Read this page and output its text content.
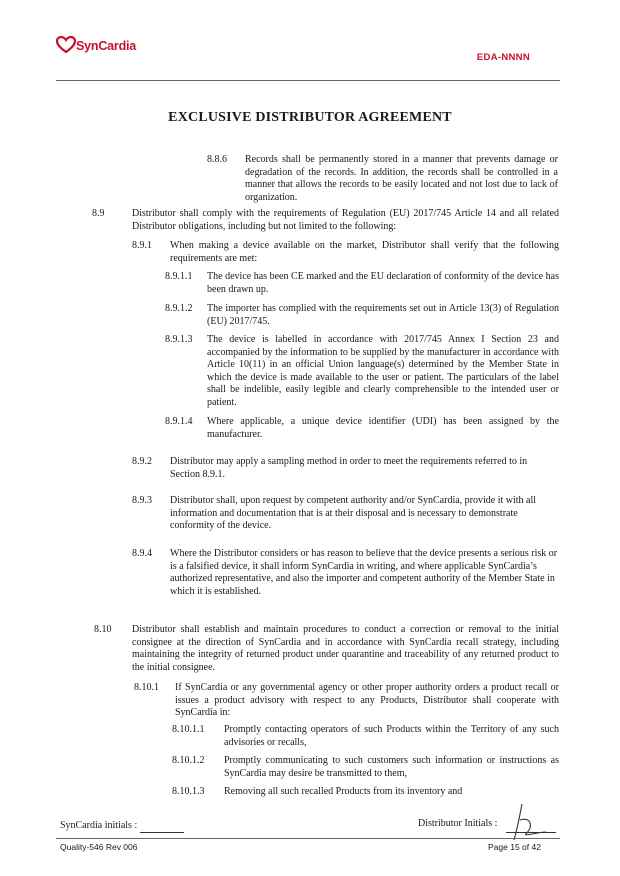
SynCardia
EDA-NNNN
EXCLUSIVE DISTRIBUTOR AGREEMENT
8.8.6 Records shall be permanently stored in a manner that prevents damage or degradation of the records. In addition, the records shall be controlled in a manner that allows the records to be easily located and not lost due to lack of organization.
8.9	Distributor shall comply with the requirements of Regulation (EU) 2017/745 Article 14 and all related Distributor obligations, including but not limited to the following:
8.9.1 When making a device available on the market, Distributor shall verify that the following requirements are met:
8.9.1.1 The device has been CE marked and the EU declaration of conformity of the device has been drawn up.
8.9.1.2 The importer has complied with the requirements set out in Article 13(3) of Regulation (EU) 2017/745.
8.9.1.3 The device is labelled in accordance with 2017/745 Annex I Section 23 and accompanied by the information to be supplied by the manufacturer in accordance with Article 10(11) in an official Union language(s) determined by the Member State in which the device is made available to the user or patient. The particulars of the label shall be indelible, easily legible and clearly comprehensible to the intended user or patient.
8.9.1.4 Where applicable, a unique device identifier (UDI) has been assigned by the manufacturer.
8.9.2 Distributor may apply a sampling method in order to meet the requirements referred to in Section 8.9.1.
8.9.3 Distributor shall, upon request by competent authority and/or SynCardia, provide it with all information and documentation that is at their disposal and is necessary to demonstrate conformity of the device.
8.9.4 Where the Distributor considers or has reason to believe that the device presents a serious risk or is a falsified device, it shall inform SynCardia in writing, and where applicable SynCardia’s authorized representative, and also the importer and competent authority of the Member State in which it is established.
8.10 Distributor shall establish and maintain procedures to conduct a correction or removal to the initial consignee at the direction of SynCardia and in accordance with SynCardia recall strategy, including maintaining the integrity of returned product under quarantine and traceability of any returned product to the initial consignee.
8.10.1 If SynCardia or any governmental agency or other proper authority orders a product recall or issues a product advisory with respect to any Products, Distributor shall cooperate with SynCardia in:
8.10.1.1 Promptly contacting operators of such Products within the Territory of any such advisories or recalls,
8.10.1.2 Promptly communicating to such customers such information or instructions as SynCardia may desire be transmitted to them,
8.10.1.3 Removing all such recalled Products from its inventory and
SynCardia initials :	Distributor Initials :
Quality-546 Rev 006	Page 15 of 42
